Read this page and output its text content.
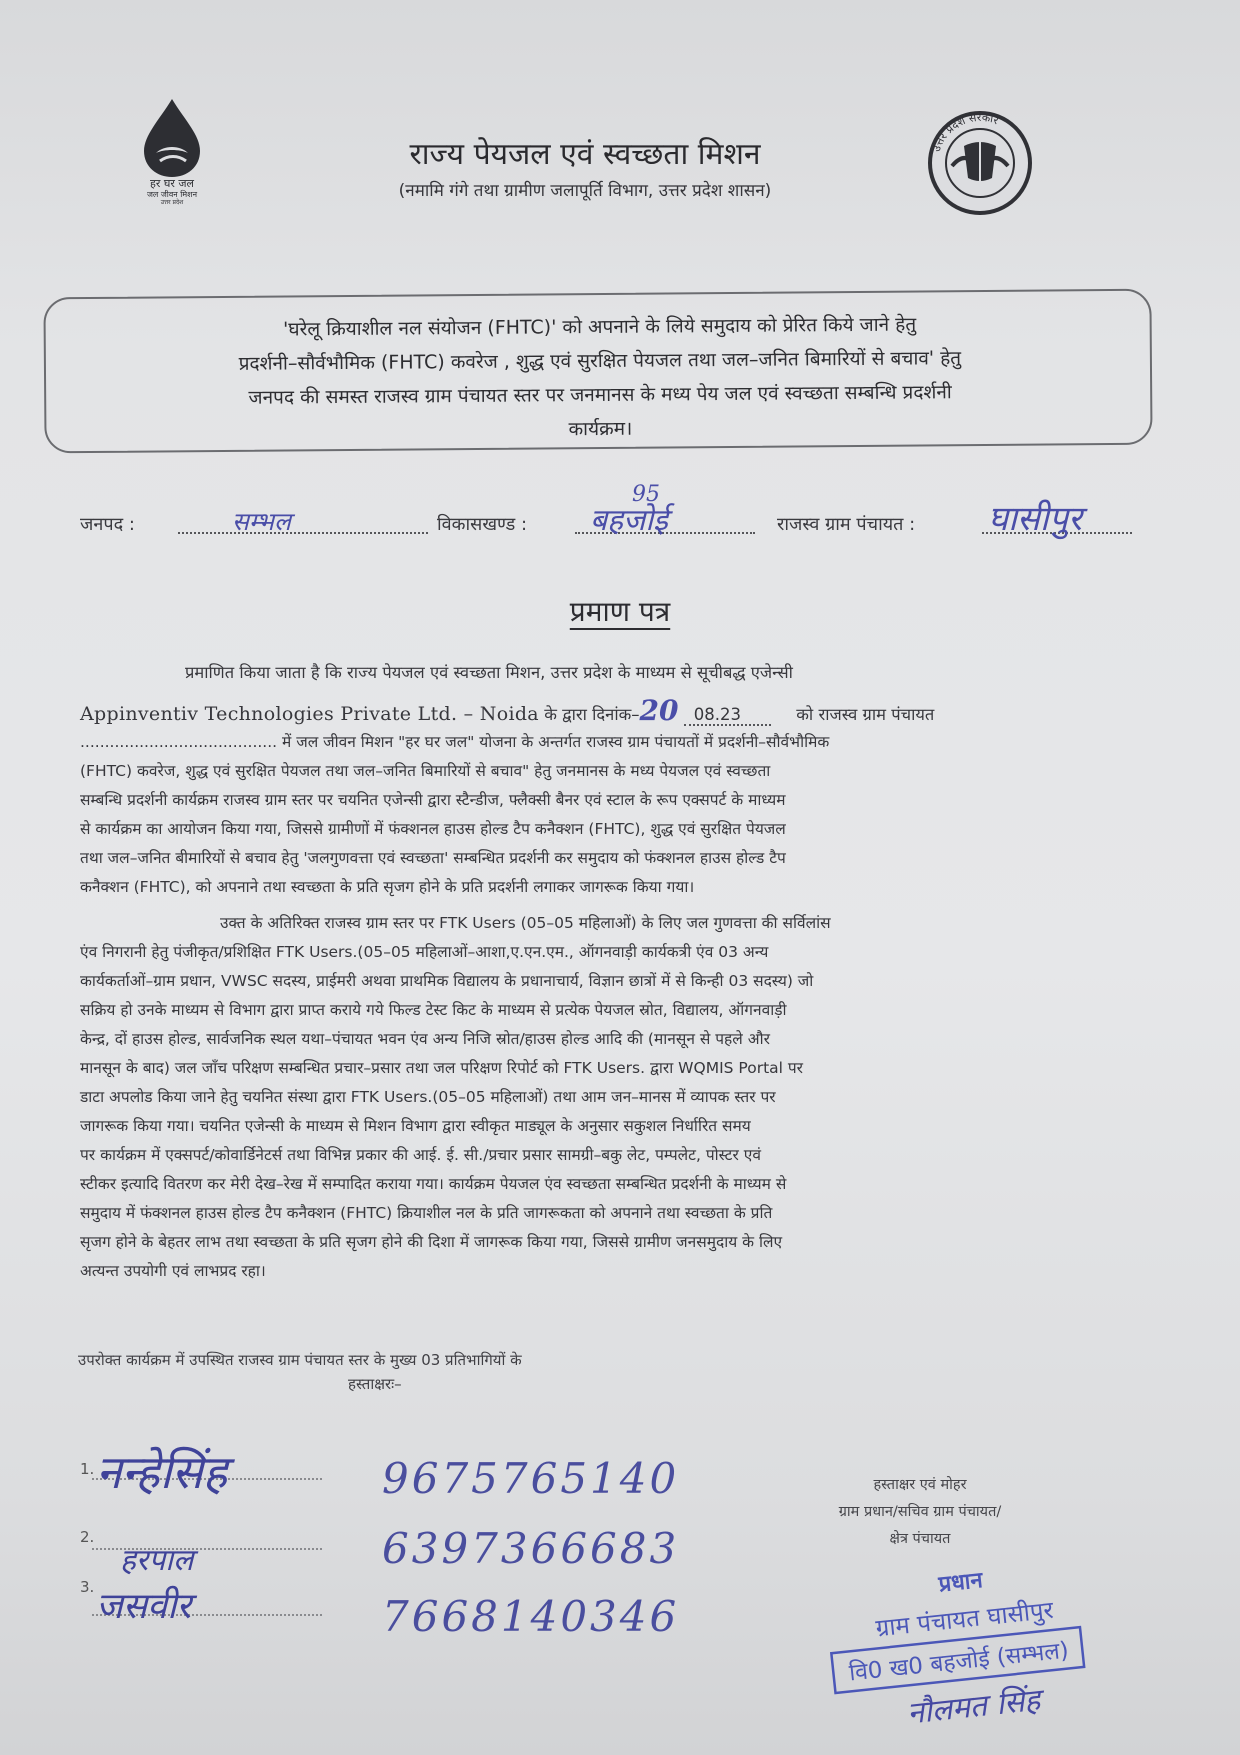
हर घर जल
जल जीवन मिशन
उत्तर प्रदेश
राज्य पेयजल एवं स्वच्छता मिशन
(नमामि गंगे तथा ग्रामीण जलापूर्ति विभाग, उत्तर प्रदेश शासन)
उत्तर प्रदेश सरकार
'घरेलू क्रियाशील नल संयोजन (FHTC)' को अपनाने के लिये समुदाय को प्रेरित किये जाने हेतु
प्रदर्शनी–सौर्वभौमिक (FHTC) कवरेज , शुद्ध एवं सुरक्षित पेयजल तथा जल–जनित बिमारियों से बचाव' हेतु
जनपद की समस्त राजस्व ग्राम पंचायत स्तर पर जनमानस के मध्य पेय जल एवं स्वच्छता सम्बन्धि प्रदर्शनी
कार्यक्रम।
जनपद :	सम्भल	विकासखण्ड : बहजोई
95
राजस्व ग्राम पंचायत : घासीपुर
प्रमाण पत्र
प्रमाणित किया जाता है कि राज्य पेयजल एवं स्वच्छता मिशन, उत्तर प्रदेश के माध्यम से सूचीबद्ध एजेन्सी
Appinventiv Technologies Private Ltd. – Noida के द्वारा दिनांक–20 08.23	को राजस्व ग्राम पंचायत
........................................ में जल जीवन मिशन "हर घर जल" योजना के अन्तर्गत राजस्व ग्राम पंचायतों में प्रदर्शनी–सौर्वभौमिक
(FHTC) कवरेज, शुद्ध एवं सुरक्षित पेयजल तथा जल–जनित बिमारियों से बचाव" हेतु जनमानस के मध्य पेयजल एवं स्वच्छता
सम्बन्धि प्रदर्शनी कार्यक्रम राजस्व ग्राम स्तर पर चयनित एजेन्सी द्वारा स्टैन्डीज, फ्लैक्सी बैनर एवं स्टाल के रूप एक्सपर्ट के माध्यम
से कार्यक्रम का आयोजन किया गया, जिससे ग्रामीणों में फंक्शनल हाउस होल्ड टैप कनैक्शन (FHTC), शुद्ध एवं सुरक्षित पेयजल
तथा जल–जनित बीमारियों से बचाव हेतु 'जलगुणवत्ता एवं स्वच्छता' सम्बन्धित प्रदर्शनी कर समुदाय को फंक्शनल हाउस होल्ड टैप
कनैक्शन (FHTC), को अपनाने तथा स्वच्छता के प्रति सृजग होने के प्रति प्रदर्शनी लगाकर जागरूक किया गया।
उक्त के अतिरिक्त राजस्व ग्राम स्तर पर FTK Users (05–05 महिलाओं) के लिए जल गुणवत्ता की सर्विलांस
एंव निगरानी हेतु पंजीकृत/प्रशिक्षित FTK Users.(05–05 महिलाओं–आशा,ए.एन.एम., ऑगनवाड़ी कार्यकत्री एंव 03 अन्य
कार्यकर्ताओं–ग्राम प्रधान, VWSC सदस्य, प्राईमरी अथवा प्राथमिक विद्यालय के प्रधानाचार्य, विज्ञान छात्रों में से किन्ही 03 सदस्य) जो
सक्रिय हो उनके माध्यम से विभाग द्वारा प्राप्त कराये गये फिल्ड टेस्ट किट के माध्यम से प्रत्येक पेयजल स्रोत, विद्यालय, ऑगनवाड़ी
केन्द्र, दों हाउस होल्ड, सार्वजनिक स्थल यथा–पंचायत भवन एंव अन्य निजि स्रोत/हाउस होल्ड आदि की (मानसून से पहले और
मानसून के बाद) जल जाँच परिक्षण सम्बन्धित प्रचार–प्रसार तथा जल परिक्षण रिपोर्ट को FTK Users. द्वारा WQMIS Portal पर
डाटा अपलोड किया जाने हेतु चयनित संस्था द्वारा FTK Users.(05–05 महिलाओं) तथा आम जन–मानस में व्यापक स्तर पर
जागरूक किया गया। चयनित एजेन्सी के माध्यम से मिशन विभाग द्वारा स्वीकृत माड्यूल के अनुसार सकुशल निर्धारित समय
पर कार्यक्रम में एक्सपर्ट/कोवार्डिनेटर्स तथा विभिन्न प्रकार की आई. ई. सी./प्रचार प्रसार सामग्री–बकु लेट, पम्पलेट, पोस्टर एवं
स्टीकर इत्यादि वितरण कर मेरी देख–रेख में सम्पादित कराया गया। कार्यक्रम पेयजल एंव स्वच्छता सम्बन्धित प्रदर्शनी के माध्यम से
समुदाय में फंक्शनल हाउस होल्ड टैप कनैक्शन (FHTC) क्रियाशील नल के प्रति जागरूकता को अपनाने तथा स्वच्छता के प्रति
सृजग होने के बेहतर लाभ तथा स्वच्छता के प्रति सृजग होने की दिशा में जागरूक किया गया, जिससे ग्रामीण जनसमुदाय के लिए
अत्यन्त उपयोगी एवं लाभप्रद रहा।
उपरोक्त कार्यक्रम में उपस्थित राजस्व ग्राम पंचायत स्तर के मुख्य 03 प्रतिभागियों के
हस्ताक्षरः–
1. नन्हेसिंह	9675765140
2.
हरपाल	6397366683
3. जसवीर	7668140346
हस्ताक्षर एवं मोहर
ग्राम प्रधान/सचिव ग्राम पंचायत/
क्षेत्र पंचायत
प्रधान
ग्राम पंचायत घासीपुर
वि0 ख0 बहजोई (सम्भल)
नौलमत सिंह
